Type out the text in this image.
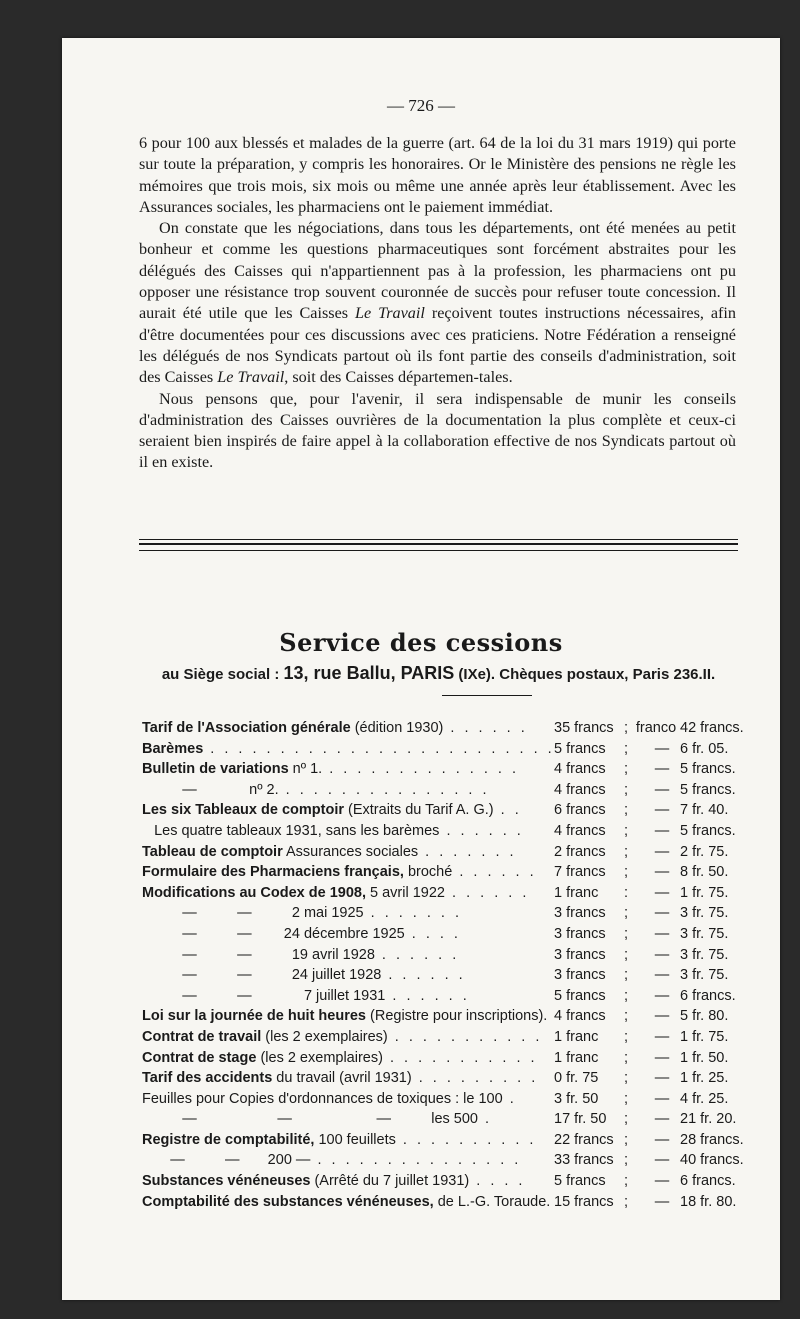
— 726 —

6 pour 100 aux blessés et malades de la guerre (art. 64 de la loi du 31 mars 1919) qui porte sur toute la préparation, y compris les honoraires. Or le Ministère des pensions ne règle les mémoires que trois mois, six mois ou même une année après leur établissement. Avec les Assurances sociales, les pharmaciens ont le paiement immédiat.

On constate que les négociations, dans tous les départements, ont été menées au petit bonheur et comme les questions pharmaceutiques sont forcément abstraites pour les délégués des Caisses qui n'appartiennent pas à la profession, les pharmaciens ont pu opposer une résistance trop souvent couronnée de succès pour refuser toute concession. Il aurait été utile que les Caisses Le Travail reçoivent toutes instructions nécessaires, afin d'être documentées pour ces discussions avec ces praticiens. Notre Fédération a renseigné les délégués de nos Syndicats partout où ils font partie des conseils d'administration, soit des Caisses Le Travail, soit des Caisses départemen-tales.

Nous pensons que, pour l'avenir, il sera indispensable de munir les conseils d'administration des Caisses ouvrières de la documentation la plus complète et ceux-ci seraient bien inspirés de faire appel à la collaboration effective de nos Syndicats partout où il en existe.

Service des cessions
au Siège social : 13, rue Ballu, PARIS (IXe). Chèques postaux, Paris 236.II.
Tarif de l'Association générale (édition 1930) . . . . . .	35 francs ; franco 42 francs.
Barèmes . . . . . . . . . . . . . . . . . . . . . . . . . 5 francs	;	— 6 fr. 05.
Bulletin de variations nº 1. . . . . . . . . . . . . . .	4 francs	;	— 5 francs.
—             nº 2. . . . . . . . . . . . . . . .	4 francs	;	— 5 francs.
Les six Tableaux de comptoir (Extraits du Tarif A. G.) . .	6 francs	;	— 7 fr. 40.
Les quatre tableaux 1931, sans les barèmes . . . . . .	4 francs	;	— 5 francs.
Tableau de comptoir Assurances sociales . . . . . . .	2 francs	;	— 2 fr. 75.
Formulaire des Pharmaciens français, broché . . . . . . 7 francs	;	— 8 fr. 50.
Modifications au Codex de 1908, 5 avril 1922 . . . . . .	1 franc	:	— 1 fr. 75.
—          —          2 mai 1925 . . . . . . .	3 francs	;	— 3 fr. 75.
—          —        24 décembre 1925 . . . .	3 francs	;	— 3 fr. 75.
—          —          19 avril 1928 . . . . . .	3 francs	;	— 3 fr. 75.
—          —          24 juillet 1928 . . . . . .	3 francs	;	— 3 fr. 75.
—          —             7 juillet 1931 . . . . . .	5 francs	;	— 6 francs.
Loi sur la journée de huit heures (Registre pour inscriptions). 4 francs	;	— 5 fr. 80.
Contrat de travail (les 2 exemplaires) . . . . . . . . . . . 1 franc	;	— 1 fr. 75.
Contrat de stage (les 2 exemplaires) . . . . . . . . . . . 1 franc	;	— 1 fr. 50.
Tarif des accidents du travail (avril 1931) . . . . . . . . . 0 fr. 75	;	— 1 fr. 25.
Feuilles pour Copies d'ordonnances de toxiques : le 100 .	3 fr. 50	;	— 4 fr. 25.
—                    —                     —          les 500 .	17 fr. 50	;	— 21 fr. 20.
Registre de comptabilité, 100 feuillets . . . . . . . . . . 22 francs ;	— 28 francs.
—          —       200 — . . . . . . . . . . . . . . .	33 francs ;	— 40 francs.
Substances vénéneuses (Arrêté du 7 juillet 1931) . . . .	5 francs	;	— 6 francs.
Comptabilité des substances vénéneuses, de L.-G. Toraude. 15 francs ;	— 18 fr. 80.
